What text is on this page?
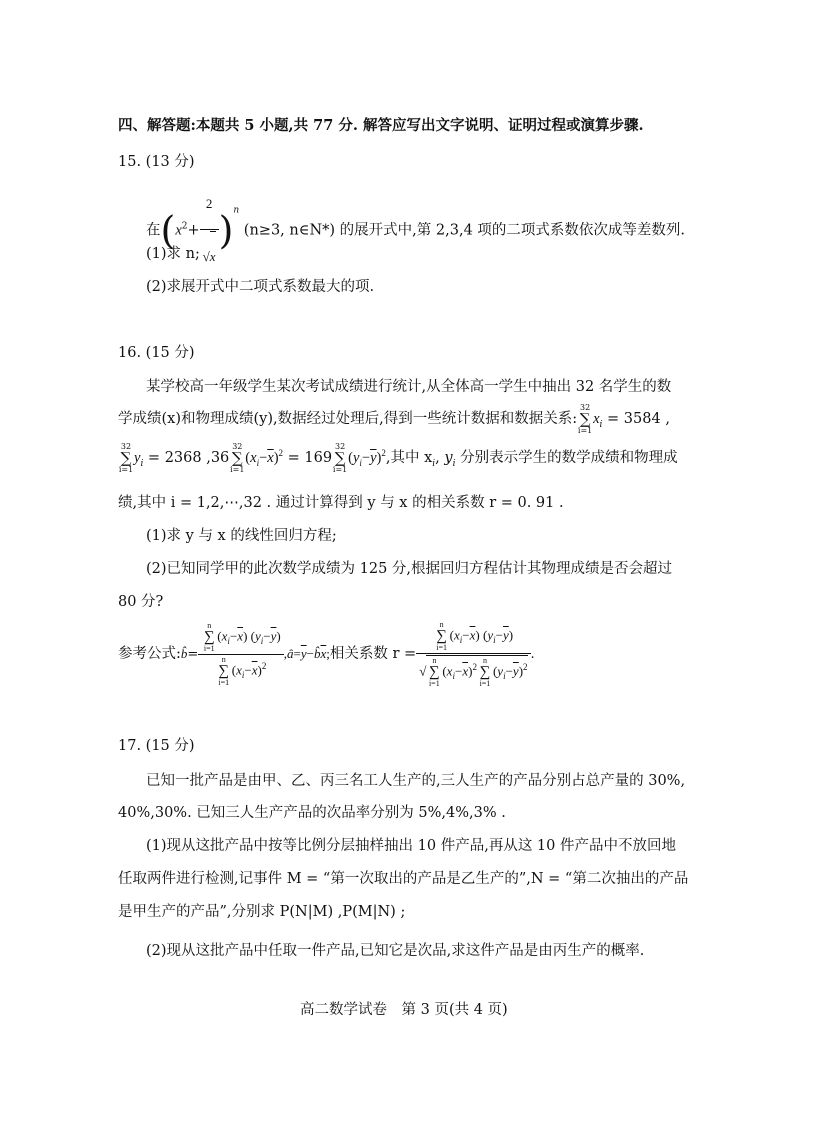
四、解答题:本题共 5 小题,共 77 分. 解答应写出文字说明、证明过程或演算步骤.
15. (13 分)
在$(x^2+ \frac{2}{√x} )^n$ (n≥3, n∈N*) 的展开式中,第 2,3,4 项的二项式系数依次成等差数列.
(1)求 n;
(2)求展开式中二项式系数最大的项.
16. (15 分)
某学校高一年级学生某次考试成绩进行统计,从全体高一学生中抽出 32 名学生的数
学成绩(x)和物理成绩(y),数据经过处理后,得到一些统计数据和数据关系:
32
∑
i=1
$x_i = 3584$ ,
32
∑
i=1
$y_i = 2368$ ,36
32
∑
i=1
$(x_i-\overline{x})^2 = 169$
32
∑
i=1
$(y_i-\overline{y})^2$,其中 $x_i$, $y_i$ 分别表示学生的数学成绩和物理成
绩,其中 i = 1,2,⋯,32 . 通过计算得到 y 与 x 的相关系数 r = 0. 91 .
(1)求 y 与 x 的线性回归方程;
(2)已知同学甲的此次数学成绩为 125 分,根据回归方程估计其物理成绩是否会超过
80 分?
参考公式:b̂= n
∑
i=1
$(x_i-\overline{x})$ $(y_i-\overline{y})$
n
∑
i=1
$(x_i-\overline{x})^2$ $,â=\overline{y}-b̂\overline{x}$;相关系数 r = n
∑
i=1
$(x_i-\overline{x})$ $(y_i-\overline{y})$
√
n
∑
i=1
$(x_i-\overline{x})^2$
n
∑
i=1
$(y_i-\overline{y})^2$ .
17. (15 分)
已知一批产品是由甲、乙、丙三名工人生产的,三人生产的产品分别占总产量的 30%,
40%,30%. 已知三人生产产品的次品率分别为 5%,4%,3% .
(1)现从这批产品中按等比例分层抽样抽出 10 件产品,再从这 10 件产品中不放回地
任取两件进行检测,记事件 M = “第一次取出的产品是乙生产的”,N = “第二次抽出的产品
是甲生产的产品”,分别求 P(N|M) ,P(M|N) ;
(2)现从这批产品中任取一件产品,已知它是次品,求这件产品是由丙生产的概率.
高二数学试卷　第 3 页(共 4 页)
